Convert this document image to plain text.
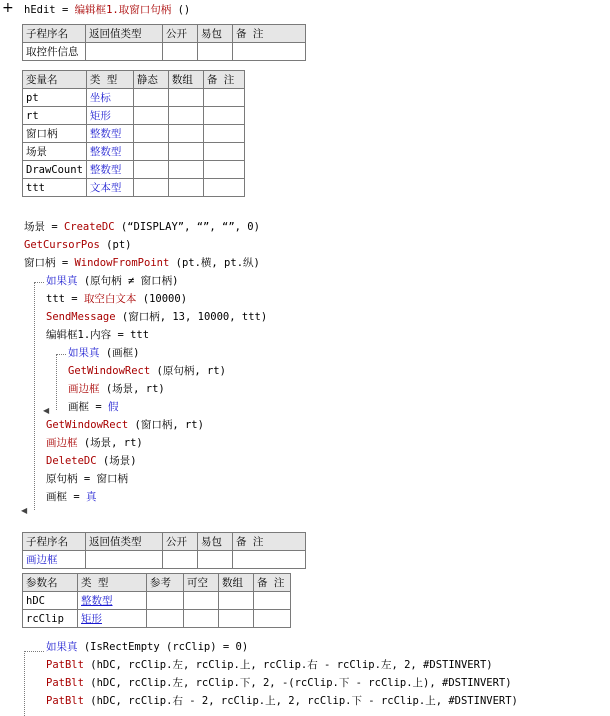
+ hEdit = 编辑框1.取窗口句柄 ()
子程序名	返回值类型	公开	易包	备 注
取控件信息				
变量名	类 型	静态	数组	备 注
pt	坐标			
rt	矩形			
窗口柄	整数型			
场景	整数型			
DrawCount	整数型			
ttt	文本型			
场景 = CreateDC (“DISPLAY”, “”, “”, 0)
GetCursorPos (pt)
窗口柄 = WindowFromPoint (pt.横, pt.纵)
如果真 (原句柄 ≠ 窗口柄)
ttt = 取空白文本 (10000)
SendMessage (窗口柄, 13, 10000, ttt)
编辑框1.内容 = ttt
◀
如果真 (画框)
GetWindowRect (原句柄, rt)
画边框 (场景, rt)
画框 = 假
GetWindowRect (窗口柄, rt)
画边框 (场景, rt)
DeleteDC (场景)
原句柄 = 窗口柄
画框 = 真
◀
子程序名	返回值类型	公开	易包	备 注
画边框				
参数名	类 型	参考	可空	数组	备 注
hDC	整数型				
rcClip	矩形				
如果真 (IsRectEmpty (rcClip) = 0)
PatBlt (hDC, rcClip.左, rcClip.上, rcClip.右 - rcClip.左, 2, #DSTINVERT)
PatBlt (hDC, rcClip.左, rcClip.下, 2, -(rcClip.下 - rcClip.上), #DSTINVERT)
PatBlt (hDC, rcClip.右 - 2, rcClip.上, 2, rcClip.下 - rcClip.上, #DSTINVERT)
